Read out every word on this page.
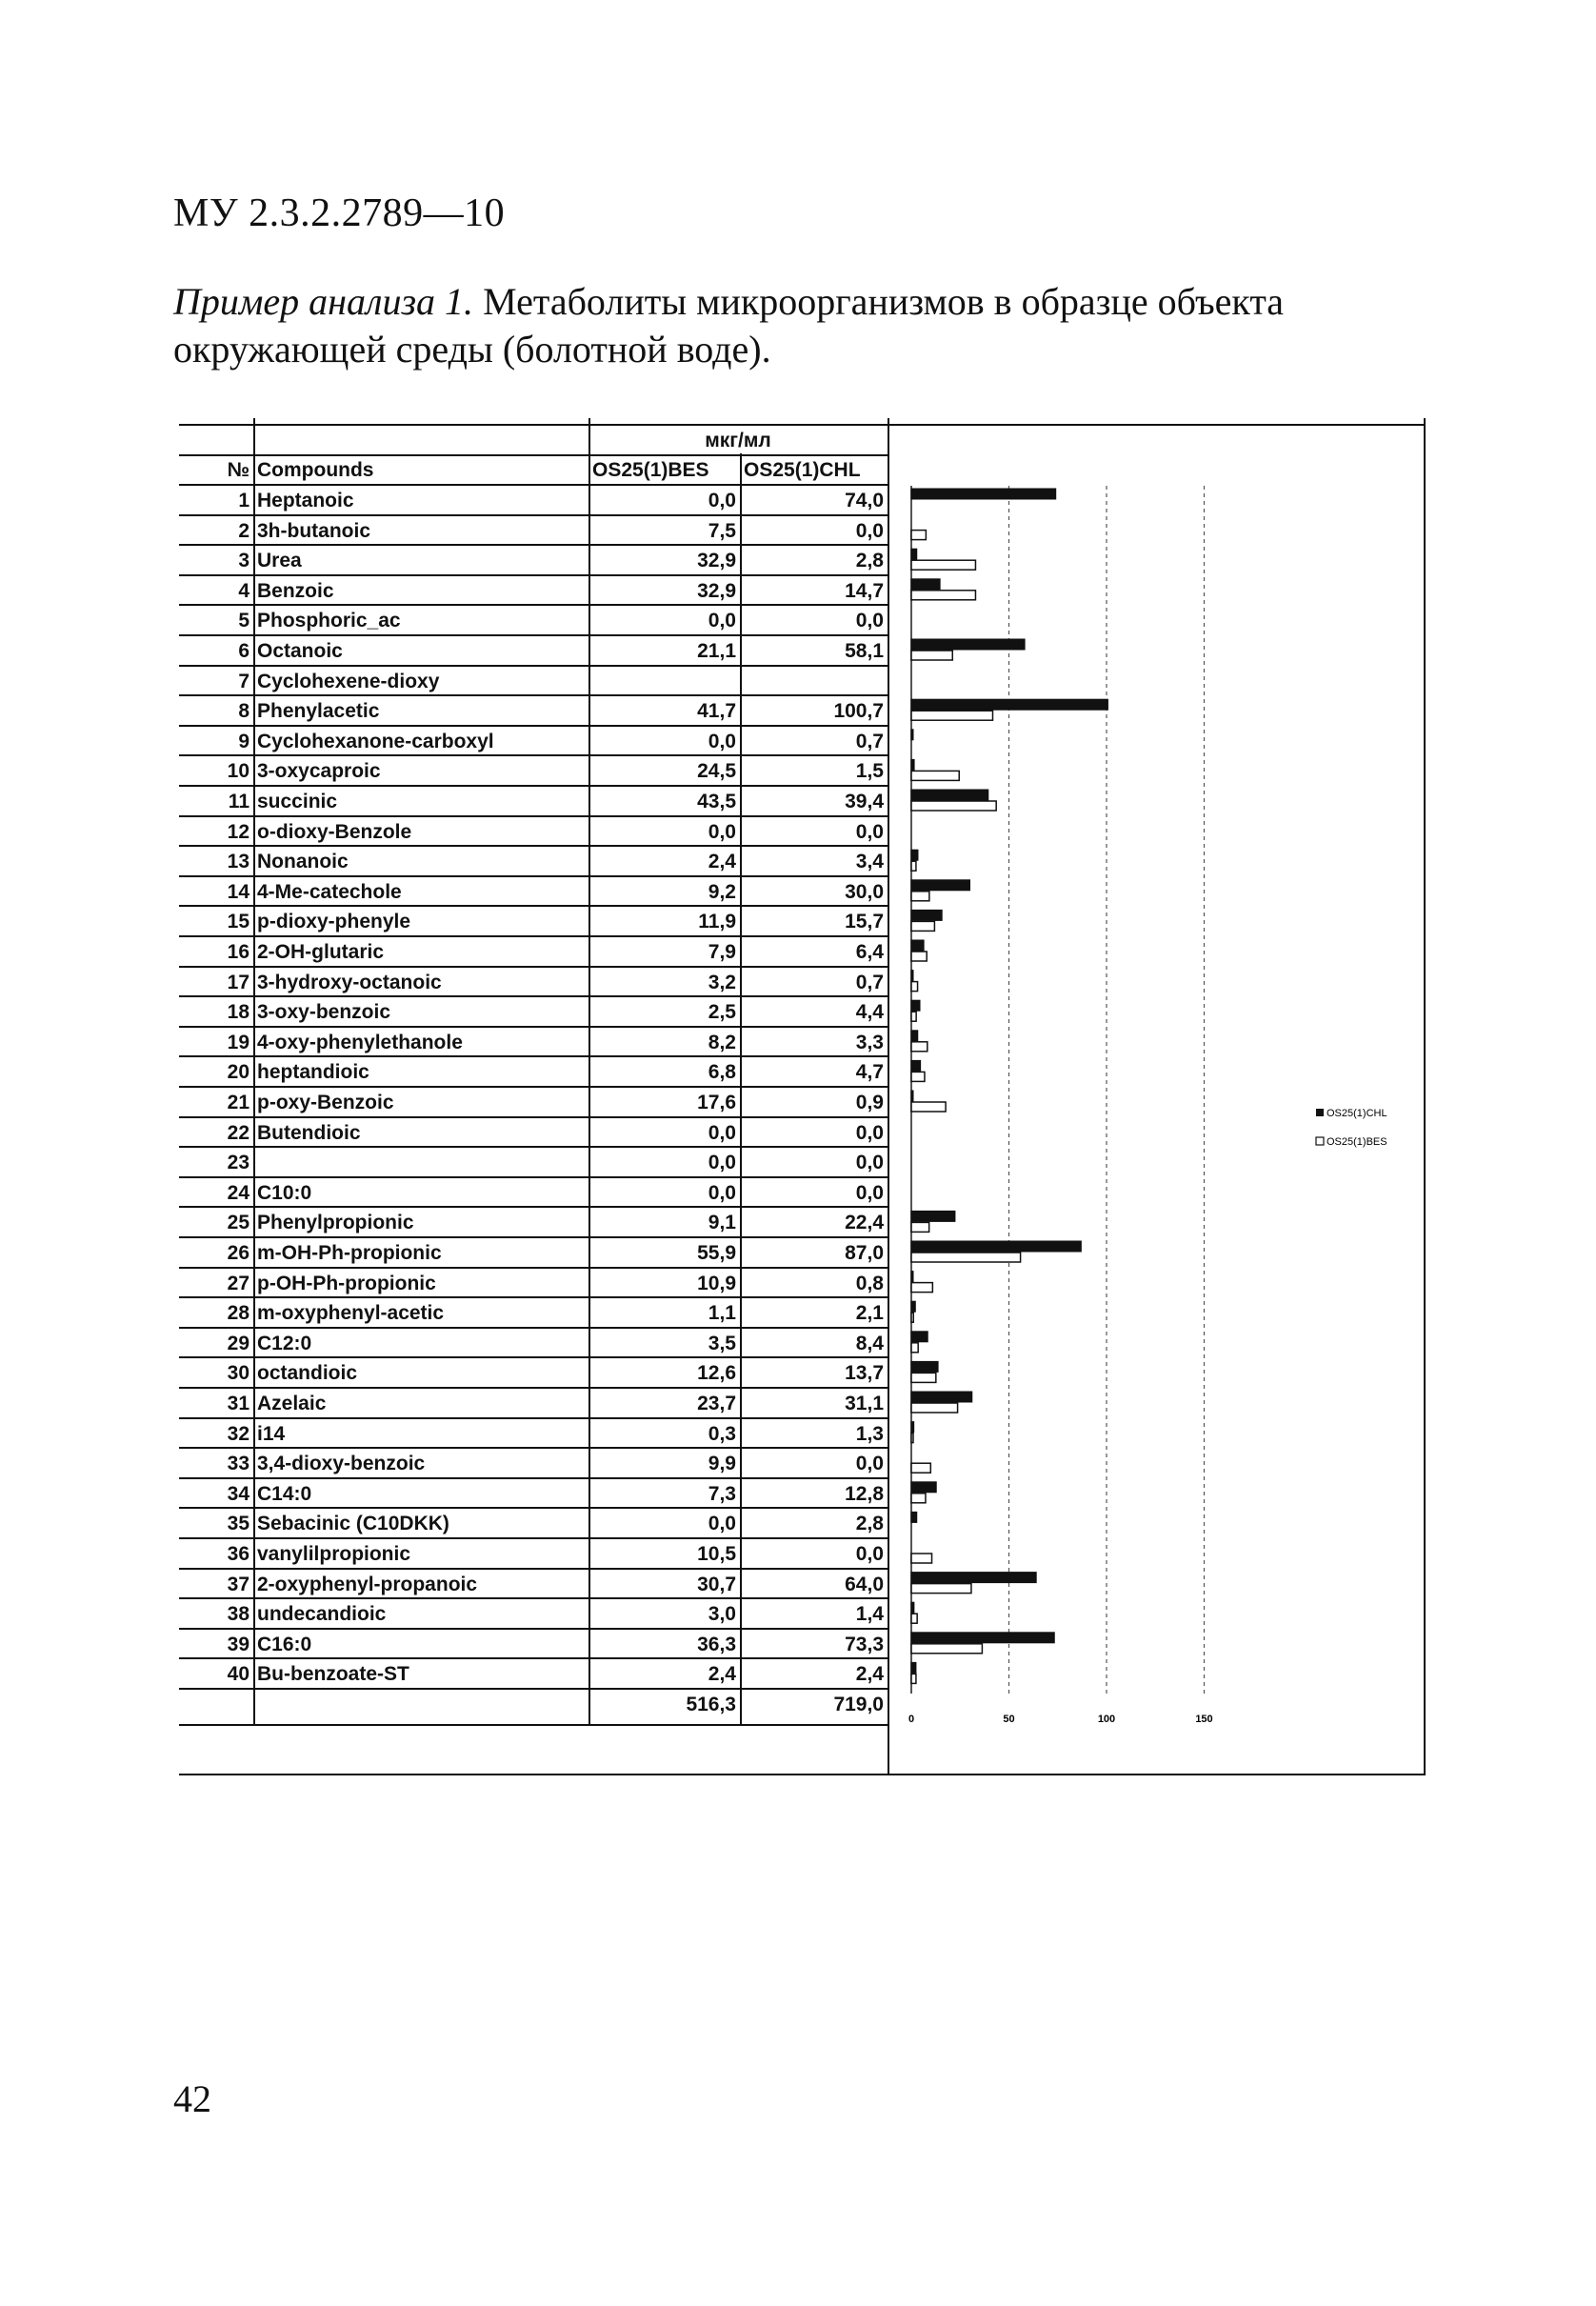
МУ 2.3.2.2789—10
Пример анализа 1. Метаболиты микроорганизмов в образце объекта окружающей среды (болотной воде).
мкг/мл
№ Compounds	OS25(1)BES	OS25(1)CHL
1 Heptanoic	0,0	74,0
2 3h-butanoic	7,5	0,0
3 Urea	32,9	2,8
4 Benzoic	32,9	14,7
5 Phosphoric_ac	0,0	0,0
6 Octanoic	21,1	58,1
7 Cyclohexene-dioxy
8 Phenylacetic	41,7	100,7
9 Cyclohexanone-carboxyl	0,0	0,7
10 3-oxycaproic	24,5	1,5
11 succinic	43,5	39,4
12 o-dioxy-Benzole	0,0	0,0
13 Nonanoic	2,4	3,4
14 4-Me-catechole	9,2	30,0
15 p-dioxy-phenyle	11,9	15,7
16 2-OH-glutaric	7,9	6,4
17 3-hydroxy-octanoic	3,2	0,7
18 3-oxy-benzoic	2,5	4,4
19 4-oxy-phenylethanole	8,2	3,3
20 heptandioic	6,8	4,7
21 p-oxy-Benzoic	17,6	0,9
22 Butendioic	0,0	0,0
23	0,0	0,0
24 C10:0	0,0	0,0
25 Phenylpropionic	9,1	22,4
26 m-OH-Ph-propionic	55,9	87,0
27 p-OH-Ph-propionic	10,9	0,8
28 m-oxyphenyl-acetic	1,1	2,1
29 C12:0	3,5	8,4
30 octandioic	12,6	13,7
31 Azelaic	23,7	31,1
32 i14	0,3	1,3
33 3,4-dioxy-benzoic	9,9	0,0
34 C14:0	7,3	12,8
35 Sebacinic (C10DKK)	0,0	2,8
36 vanylilpropionic	10,5	0,0
37 2-oxyphenyl-propanoic	30,7	64,0
38 undecandioic	3,0	1,4
39 C16:0	36,3	73,3
40 Bu-benzoate-ST	2,4	2,4
516,3	719,0
0	50	100	150
OS25(1)CHL
OS25(1)BES
42
